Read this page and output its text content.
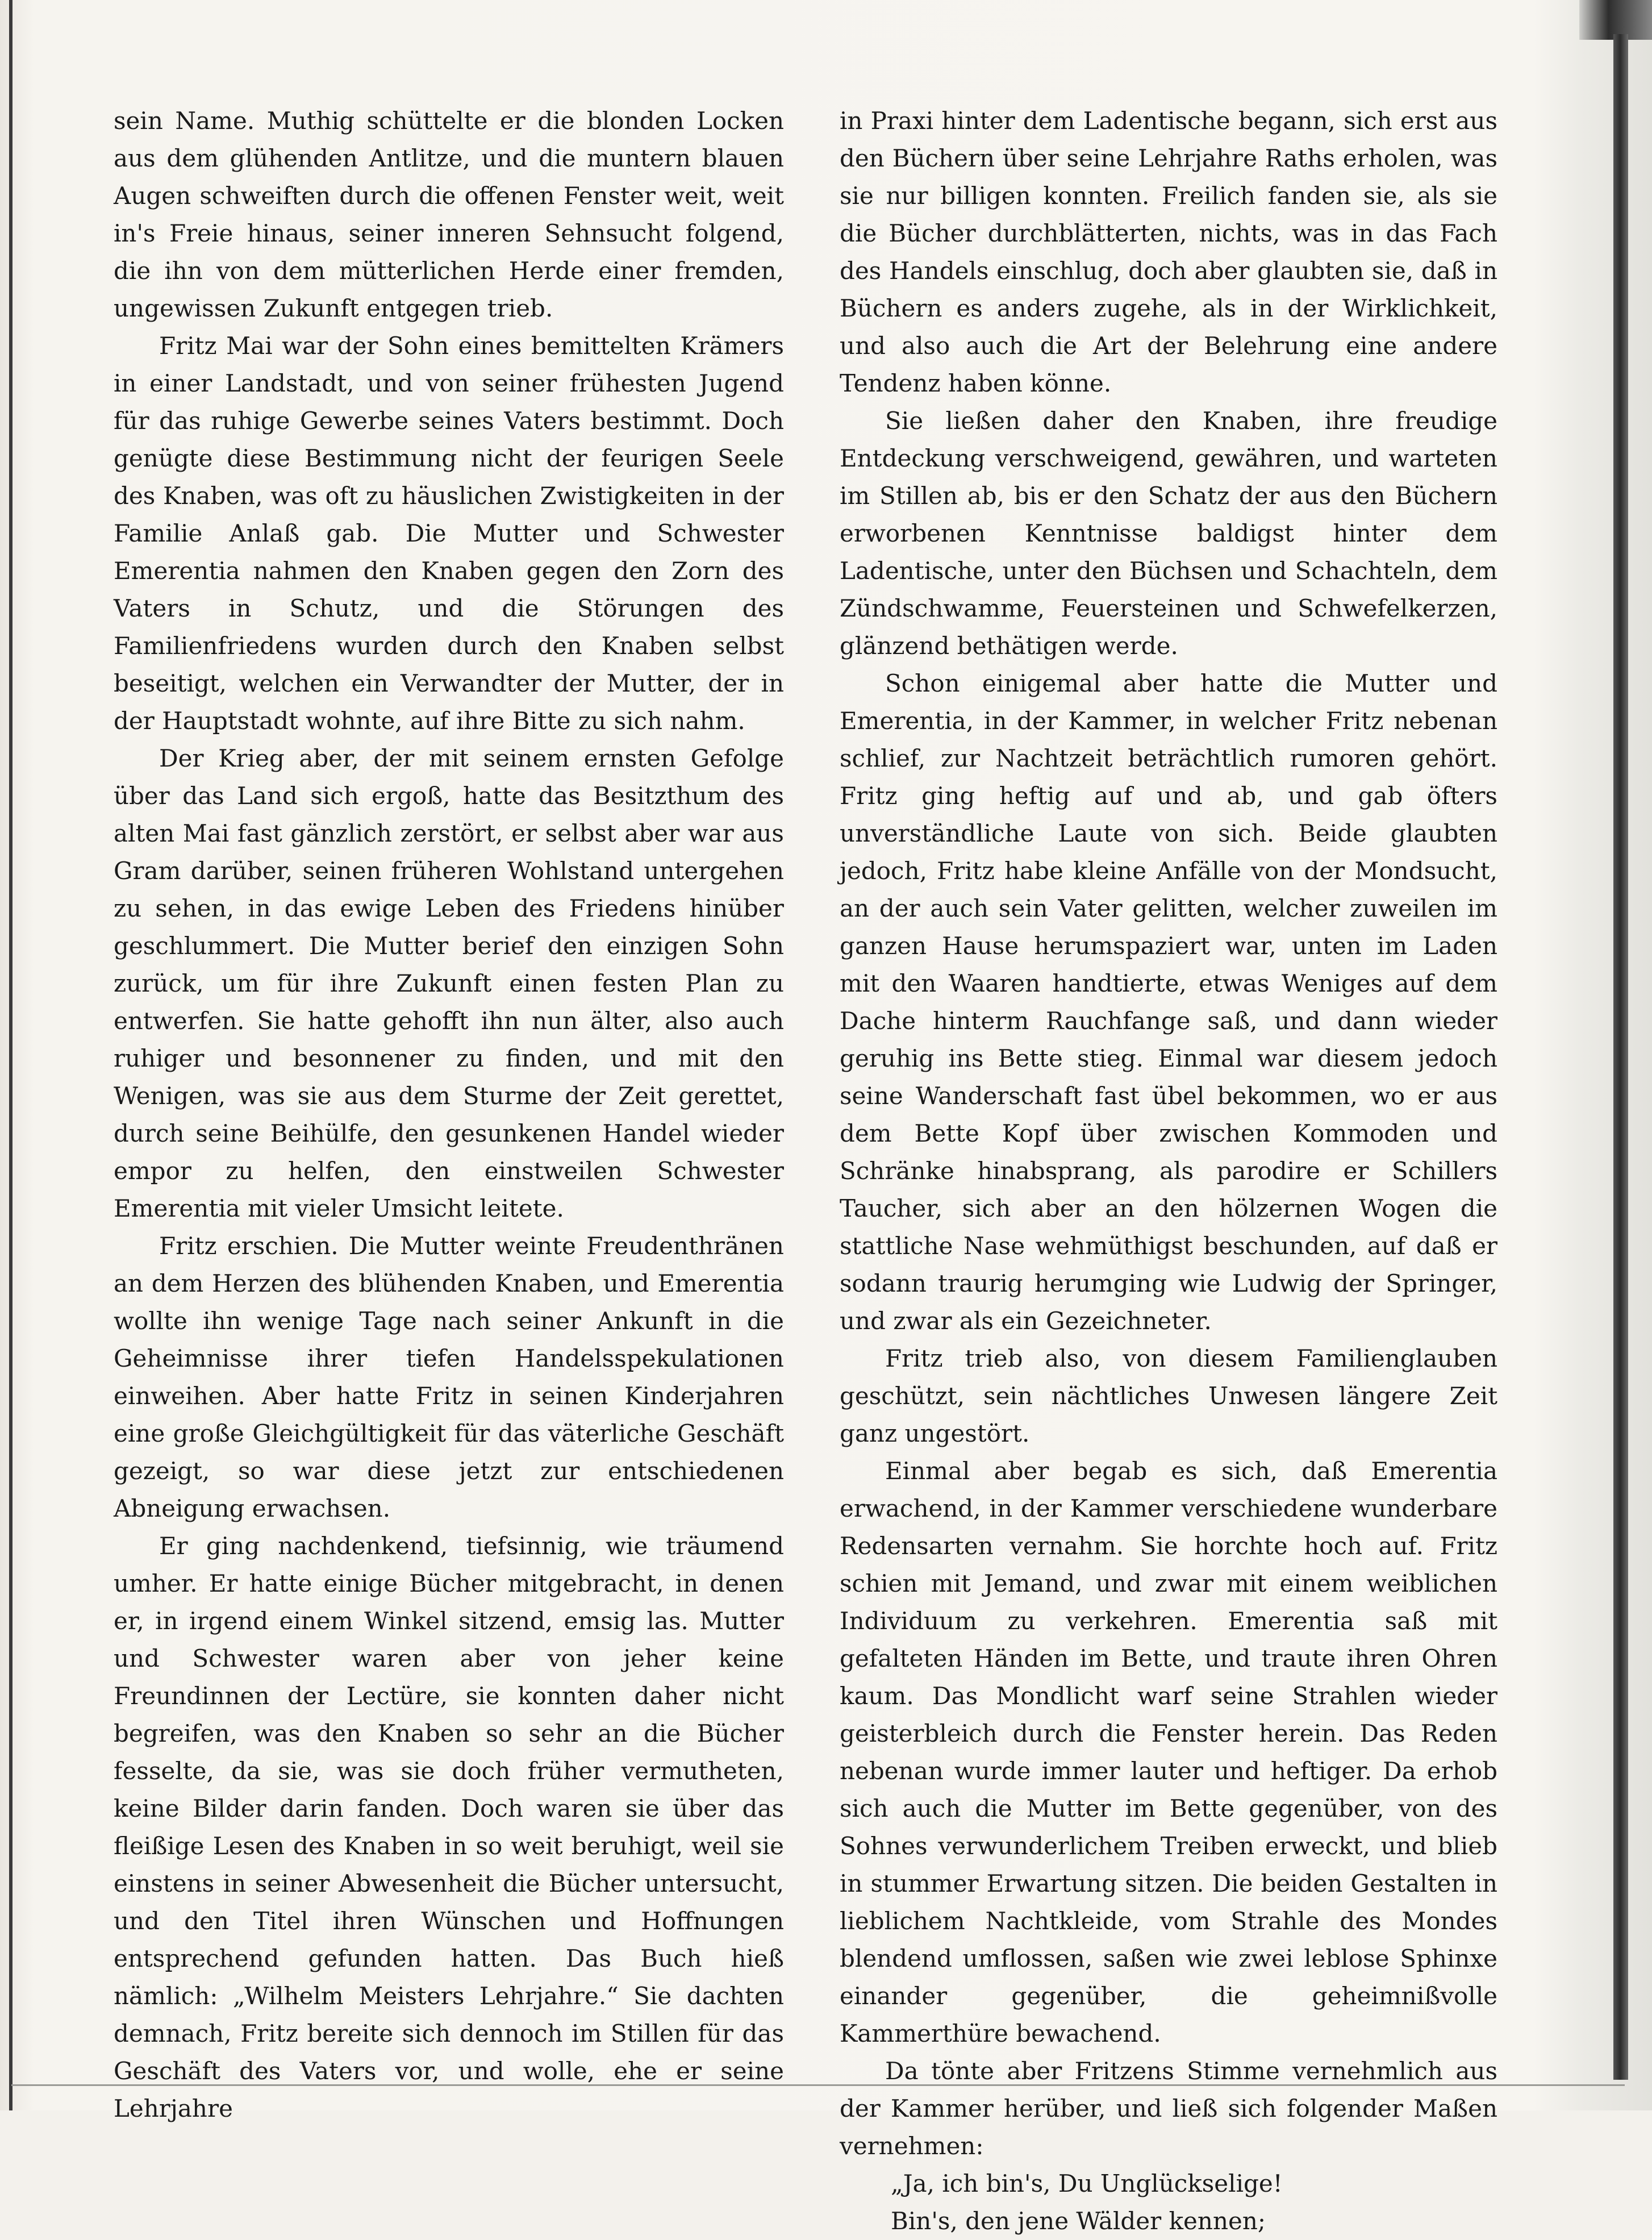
sein Name. Muthig schüttelte er die blonden Locken aus dem glühenden Antlitze, und die muntern blauen Augen schweiften durch die offenen Fenster weit, weit in's Freie hinaus, seiner inneren Sehnsucht folgend, die ihn von dem mütterlichen Herde einer fremden, ungewissen Zukunft entgegen trieb.

Fritz Mai war der Sohn eines bemittelten Krämers in einer Landstadt, und von seiner frühesten Jugend für das ruhige Gewerbe seines Vaters bestimmt. Doch genügte diese Bestimmung nicht der feurigen Seele des Knaben, was oft zu häuslichen Zwistigkeiten in der Familie Anlaß gab. Die Mutter und Schwester Emerentia nahmen den Knaben gegen den Zorn des Vaters in Schutz, und die Störungen des Familienfriedens wurden durch den Knaben selbst beseitigt, welchen ein Verwandter der Mutter, der in der Hauptstadt wohnte, auf ihre Bitte zu sich nahm.

Der Krieg aber, der mit seinem ernsten Gefolge über das Land sich ergoß, hatte das Besitzthum des alten Mai fast gänzlich zerstört, er selbst aber war aus Gram darüber, seinen früheren Wohlstand untergehen zu sehen, in das ewige Leben des Friedens hinüber geschlummert. Die Mutter berief den einzigen Sohn zurück, um für ihre Zukunft einen festen Plan zu entwerfen. Sie hatte gehofft ihn nun älter, also auch ruhiger und besonnener zu finden, und mit den Wenigen, was sie aus dem Sturme der Zeit gerettet, durch seine Beihülfe, den gesunkenen Handel wieder empor zu helfen, den einstweilen Schwester Emerentia mit vieler Umsicht leitete.

Fritz erschien. Die Mutter weinte Freudenthränen an dem Herzen des blühenden Knaben, und Emerentia wollte ihn wenige Tage nach seiner Ankunft in die Geheimnisse ihrer tiefen Handelsspekulationen einweihen. Aber hatte Fritz in seinen Kinderjahren eine große Gleichgültigkeit für das väterliche Geschäft gezeigt, so war diese jetzt zur entschiedenen Abneigung erwachsen.

Er ging nachdenkend, tiefsinnig, wie träumend umher. Er hatte einige Bücher mitgebracht, in denen er, in irgend einem Winkel sitzend, emsig las. Mutter und Schwester waren aber von jeher keine Freundinnen der Lectüre, sie konnten daher nicht begreifen, was den Knaben so sehr an die Bücher fesselte, da sie, was sie doch früher vermutheten, keine Bilder darin fanden. Doch waren sie über das fleißige Lesen des Knaben in so weit beruhigt, weil sie einstens in seiner Abwesenheit die Bücher untersucht, und den Titel ihren Wünschen und Hoffnungen entsprechend gefunden hatten. Das Buch hieß nämlich: „Wilhelm Meisters Lehrjahre.“ Sie dachten demnach, Fritz bereite sich dennoch im Stillen für das Geschäft des Vaters vor, und wolle, ehe er seine Lehrjahre

in Praxi hinter dem Ladentische begann, sich erst aus den Büchern über seine Lehrjahre Raths erholen, was sie nur billigen konnten. Freilich fanden sie, als sie die Bücher durchblätterten, nichts, was in das Fach des Handels einschlug, doch aber glaubten sie, daß in Büchern es anders zugehe, als in der Wirklichkeit, und also auch die Art der Belehrung eine andere Tendenz haben könne.

Sie ließen daher den Knaben, ihre freudige Entdeckung verschweigend, gewähren, und warteten im Stillen ab, bis er den Schatz der aus den Büchern erworbenen Kenntnisse baldigst hinter dem Ladentische, unter den Büchsen und Schachteln, dem Zündschwamme, Feuersteinen und Schwefelkerzen, glänzend bethätigen werde.

Schon einigemal aber hatte die Mutter und Emerentia, in der Kammer, in welcher Fritz nebenan schlief, zur Nachtzeit beträchtlich rumoren gehört. Fritz ging heftig auf und ab, und gab öfters unverständliche Laute von sich. Beide glaubten jedoch, Fritz habe kleine Anfälle von der Mondsucht, an der auch sein Vater gelitten, welcher zuweilen im ganzen Hause herumspaziert war, unten im Laden mit den Waaren handtierte, etwas Weniges auf dem Dache hinterm Rauchfange saß, und dann wieder geruhig ins Bette stieg. Einmal war diesem jedoch seine Wanderschaft fast übel bekommen, wo er aus dem Bette Kopf über zwischen Kommoden und Schränke hinabsprang, als parodire er Schillers Taucher, sich aber an den hölzernen Wogen die stattliche Nase wehmüthigst beschunden, auf daß er sodann traurig herumging wie Ludwig der Springer, und zwar als ein Gezeichneter.

Fritz trieb also, von diesem Familienglauben geschützt, sein nächtliches Unwesen längere Zeit ganz ungestört.

Einmal aber begab es sich, daß Emerentia erwachend, in der Kammer verschiedene wunderbare Redensarten vernahm. Sie horchte hoch auf. Fritz schien mit Jemand, und zwar mit einem weiblichen Individuum zu verkehren. Emerentia saß mit gefalteten Händen im Bette, und traute ihren Ohren kaum. Das Mondlicht warf seine Strahlen wieder geisterbleich durch die Fenster herein. Das Reden nebenan wurde immer lauter und heftiger. Da erhob sich auch die Mutter im Bette gegenüber, von des Sohnes verwunderlichem Treiben erweckt, und blieb in stummer Erwartung sitzen. Die beiden Gestalten in lieblichem Nachtkleide, vom Strahle des Mondes blendend umflossen, saßen wie zwei leblose Sphinxe einander gegenüber, die geheimnißvolle Kammerthüre bewachend.

Da tönte aber Fritzens Stimme vernehmlich aus der Kammer herüber, und ließ sich folgender Maßen vernehmen:

„Ja, ich bin's, Du Unglückselige!

Bin's, den jene Wälder kennen;
